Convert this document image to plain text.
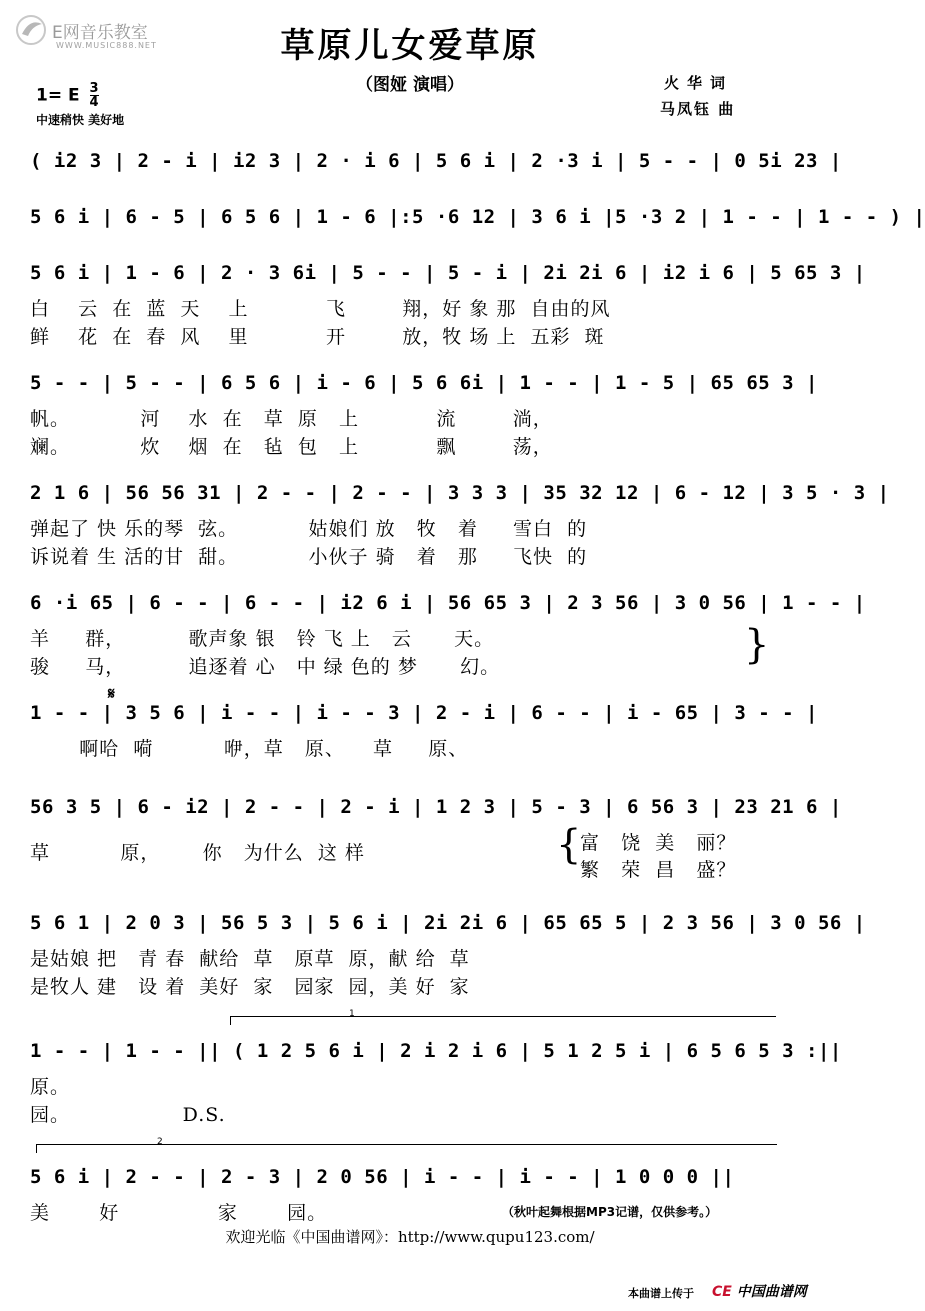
E网音乐教室
WWW.MUSIC888.NET	草原儿女爱草原
（图娅 演唱）
1= E $\frac{3}{4}$
中速稍快 美好地
火华词
马凤钰 曲
( i2 3 | 2 - i | i2 3 | 2 · i 6 | 5 6 i | 2 ·3 i | 5 - - | 0 5i 23 |
5 6 i | 6 - 5 | 6 5 6 | 1 - 6 |:5 ·6 12 | 3 6 i |5 ·3 2 | 1 - - | 1 - - ) |
5 6 i | 1 - 6 | 2 · 3 6i | 5 - - | 5 - i | 2i 2i 6 | i2 i 6 | 5 65 3 |
白    云  在  蓝  天    上           飞        翔，好 象 那  自由的风
鲜    花  在  春  风    里           开        放，牧 场 上  五彩  斑
5 - - | 5 - - | 6 5 6 | i - 6 | 5 6 6i | 1 - - | 1 - 5 | 65 65 3 |
帆。          河    水  在   草  原   上           流        淌，
斓。          炊    烟  在   毡  包   上           飘        荡，
2 1 6 | 56 56 31 | 2 - - | 2 - - | 3 3 3 | 35 32 12 | 6 - 12 | 3 5 · 3 |
弹起了 快 乐的琴  弦。          姑娘们 放   牧   着     雪白  的
诉说着 生 活的甘  甜。          小伙子 骑   着   那     飞快  的
6 ·i 65 | 6 - - | 6 - - | i2 6 i | 56 65 3 | 2 3 56 | 3 0 56 | 1 - - |
羊     群，         歌声象 银   铃 飞 上   云      天。
骏     马，         追逐着 心   中 绿 色的 梦      幻。	}
𝄋
1 - - | 3 5 6 | i - - | i - - 3 | 2 - i | 6 - - | i - 65 | 3 - - |
啊哈  嗬          咿，草   原、    草     原、
56 3 5 | 6 - i2 | 2 - - | 2 - i | 1 2 3 | 5 - 3 | 6 56 3 | 23 21 6 |
草          原，      你   为什么  这 样	{
富   饶  美   丽？
繁   荣  昌   盛？
5 6 1 | 2 0 3 | 56 5 3 | 5 6 i | 2i 2i 6 | 65 65 5 | 2 3 56 | 3 0 56 |
是姑娘 把   青 春  献给  草   原草  原，献 给  草
是牧人 建   设 着  美好  家   园家  园，美 好  家
1
1 - - | 1 - - || ( 1 2 5 6 i | 2 i 2 i 6 | 5 1 2 5 i | 6 5 6 5 3 :||
原。
园。                D.S.
2
5 6 i | 2 - - | 2 - 3 | 2 0 56 | i - - | i - - | 1 0 0 0 ||
美       好              家       园。	（秋叶起舞根据MP3记谱，仅供参考。）
欢迎光临《中国曲谱网》：http://www.qupu123.com/
本曲谱上传于 CE 中国曲谱网
